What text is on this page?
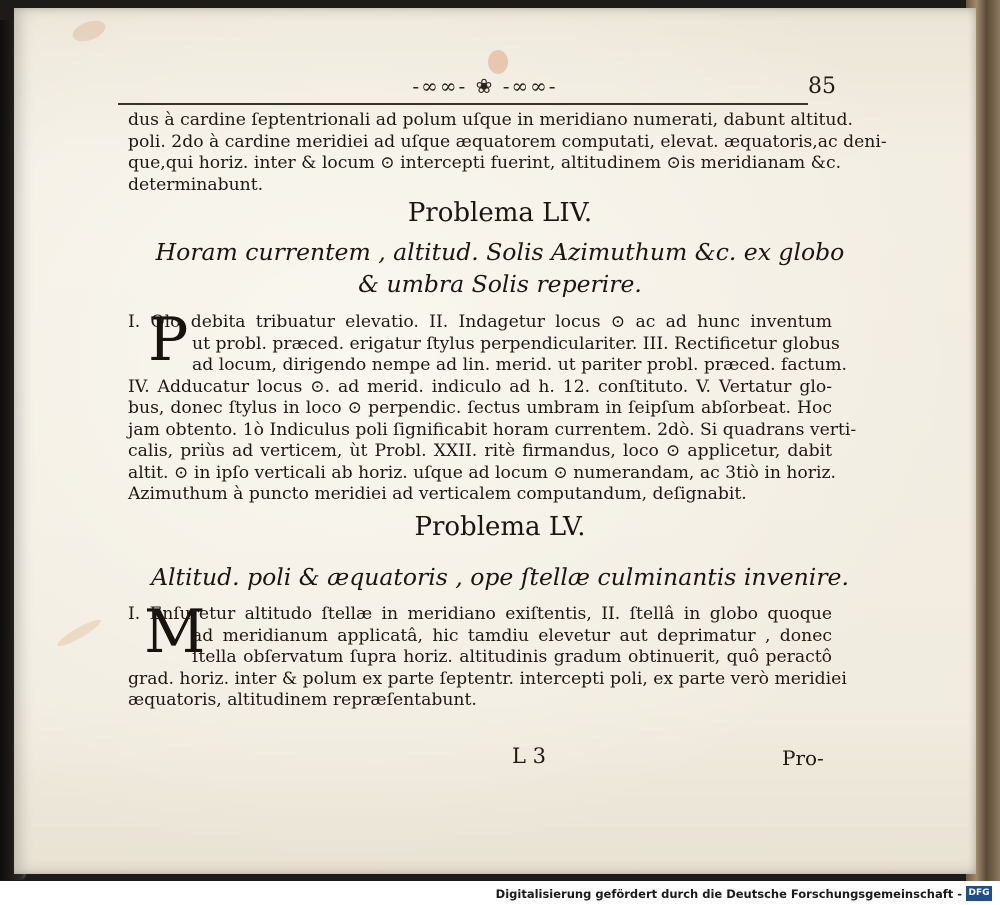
-∞∞- ❀ -∞∞-	85
dus à cardine ſeptentrionali ad polum uſque in meridiano numerati, dabunt altitud.
poli. 2do à cardine meridiei ad uſque æquatorem computati, elevat. æquatoris,ac deni-
que,qui horiz. inter & locum ⊙ intercepti fuerint, altitudinem ⊙is meridianam &c.
determinabunt.
Problema LIV.
Horam currentem , altitud. Solis Azimuthum &c. ex globo
& umbra Solis reperire.
P
I. Olo debita tribuatur elevatio. II. Indagetur locus ⊙ ac ad hunc inventum
ut probl. præced. erigatur ſtylus perpendiculariter. III. Rectificetur globus
ad locum, dirigendo nempe ad lin. merid. ut pariter probl. præced. factum.
IV. Adducatur locus ⊙. ad merid. indiculo ad h. 12. conſtituto. V. Vertatur glo-
bus, donec ſtylus in loco ⊙ perpendic. ſectus umbram in ſeipſum abſorbeat. Hoc
jam obtento. 1ò Indiculus poli ſignificabit horam currentem. 2dò. Si quadrans verti-
calis, priùs ad verticem, ùt Probl. XXII. ritè firmandus, loco ⊙ applicetur, dabit
altit. ⊙ in ipſo verticali ab horiz. uſque ad locum ⊙ numerandam, ac 3tiò in horiz.
Azimuthum à puncto meridiei ad verticalem computandum, deſignabit.
Problema LV.
Altitud. poli & æquatoris , ope ſtellæ culminantis invenire.
M
I. Enſuretur altitudo ſtellæ in meridiano exiſtentis, II. ſtellâ in globo quoque
ad meridianum applicatâ, hic tamdiu elevetur aut deprimatur , donec
ſtella obſervatum ſupra horiz. altitudinis gradum obtinuerit, quô peractô
grad. horiz. inter & polum ex parte ſeptentr. intercepti poli, ex parte verò meridiei
æquatoris, altitudinem repræſentabunt.
L 3	Pro-
Digitalisierung gefördert durch die Deutsche Forschungsgemeinschaft - DFG
